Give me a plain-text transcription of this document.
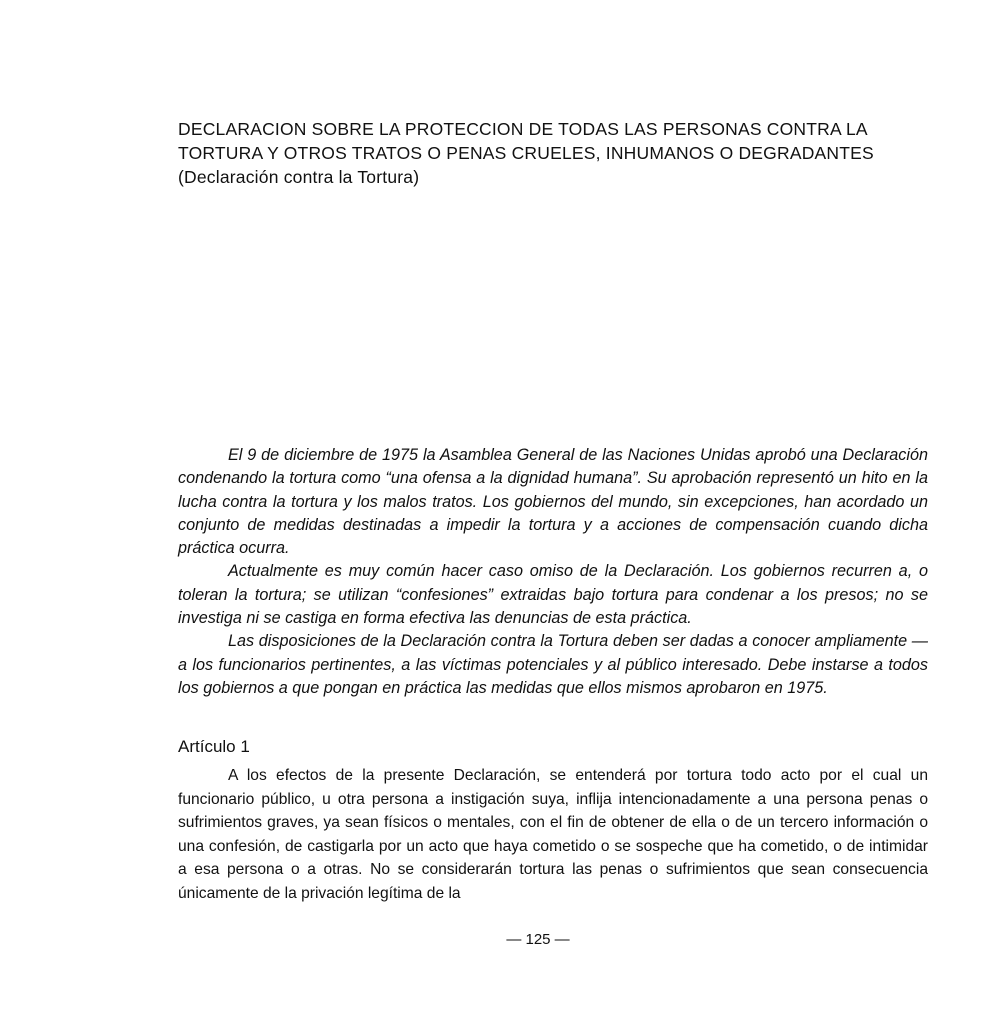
DECLARACION SOBRE LA PROTECCION DE TODAS LAS PERSONAS CONTRA LA
TORTURA Y OTROS TRATOS O PENAS CRUELES, INHUMANOS O DEGRADANTES
(Declaración contra la Tortura)

El 9 de diciembre de 1975 la Asamblea General de las Naciones Unidas aprobó una Declaración condenando la tortura como “una ofensa a la dignidad humana”. Su aprobación representó un hito en la lucha contra la tortura y los malos tratos. Los gobiernos del mundo, sin excepciones, han acordado un conjunto de medidas destinadas a impedir la tortura y a acciones de compensación cuando dicha práctica ocurra.

Actualmente es muy común hacer caso omiso de la Declaración. Los gobiernos recurren a, o toleran la tortura; se utilizan “confesiones” extraidas bajo tortura para condenar a los presos; no se investiga ni se castiga en forma efectiva las denuncias de esta práctica.

Las disposiciones de la Declaración contra la Tortura deben ser dadas a conocer ampliamente —a los funcionarios pertinentes, a las víctimas potenciales y al público interesado. Debe instarse a todos los gobiernos a que pongan en práctica las medidas que ellos mismos aprobaron en 1975.

Artículo 1

A los efectos de la presente Declaración, se entenderá por tortura todo acto por el cual un funcionario público, u otra persona a instigación suya, inflija intencionadamente a una persona penas o sufrimientos graves, ya sean físicos o mentales, con el fin de obtener de ella o de un tercero información o una confesión, de castigarla por un acto que haya cometido o se sospeche que ha cometido, o de intimidar a esa persona o a otras. No se considerarán tortura las penas o sufrimientos que sean consecuencia únicamente de la privación legítima de la

— 125 —
